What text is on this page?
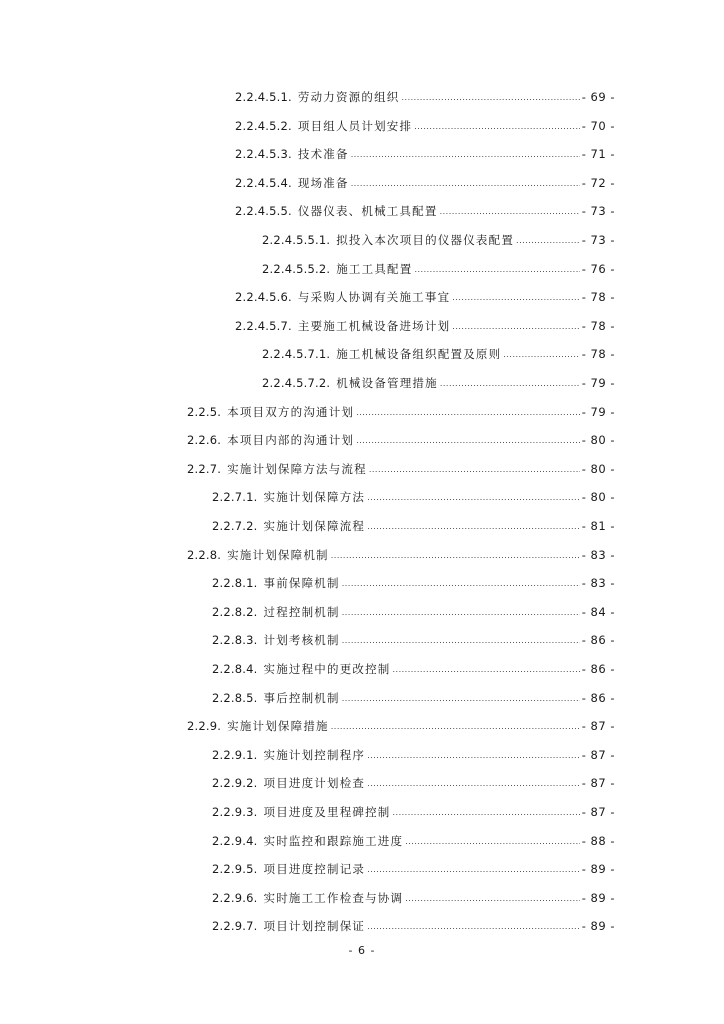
2.2.4.5.1. 劳动力资源的组织 .....	- 69 -
2.2.4.5.2. 项目组人员计划安排 .....	- 70 -
2.2.4.5.3. 技术准备 .....	- 71 -
2.2.4.5.4. 现场准备 .....	- 72 -
2.2.4.5.5. 仪器仪表、机械工具配置 .....	- 73 -
2.2.4.5.5.1. 拟投入本次项目的仪器仪表配置 .....	- 73 -
2.2.4.5.5.2. 施工工具配置 .....	- 76 -
2.2.4.5.6. 与采购人协调有关施工事宜 .....	- 78 -
2.2.4.5.7. 主要施工机械设备进场计划 .....	- 78 -
2.2.4.5.7.1. 施工机械设备组织配置及原则 .....	- 78 -
2.2.4.5.7.2. 机械设备管理措施 .....	- 79 -
2.2.5. 本项目双方的沟通计划 .....	- 79 -
2.2.6. 本项目内部的沟通计划 .....	- 80 -
2.2.7. 实施计划保障方法与流程 .....	- 80 -
2.2.7.1. 实施计划保障方法 .....	- 80 -
2.2.7.2. 实施计划保障流程 .....	- 81 -
2.2.8. 实施计划保障机制 .....	- 83 -
2.2.8.1. 事前保障机制 .....	- 83 -
2.2.8.2. 过程控制机制 .....	- 84 -
2.2.8.3. 计划考核机制 .....	- 86 -
2.2.8.4. 实施过程中的更改控制 .....	- 86 -
2.2.8.5. 事后控制机制 .....	- 86 -
2.2.9. 实施计划保障措施 .....	- 87 -
2.2.9.1. 实施计划控制程序 .....	- 87 -
2.2.9.2. 项目进度计划检查 .....	- 87 -
2.2.9.3. 项目进度及里程碑控制 .....	- 87 -
2.2.9.4. 实时监控和跟踪施工进度 .....	- 88 -
2.2.9.5. 项目进度控制记录 .....	- 89 -
2.2.9.6. 实时施工工作检查与协调 .....	- 89 -
2.2.9.7. 项目计划控制保证 .....	- 89 -
- 6 -
